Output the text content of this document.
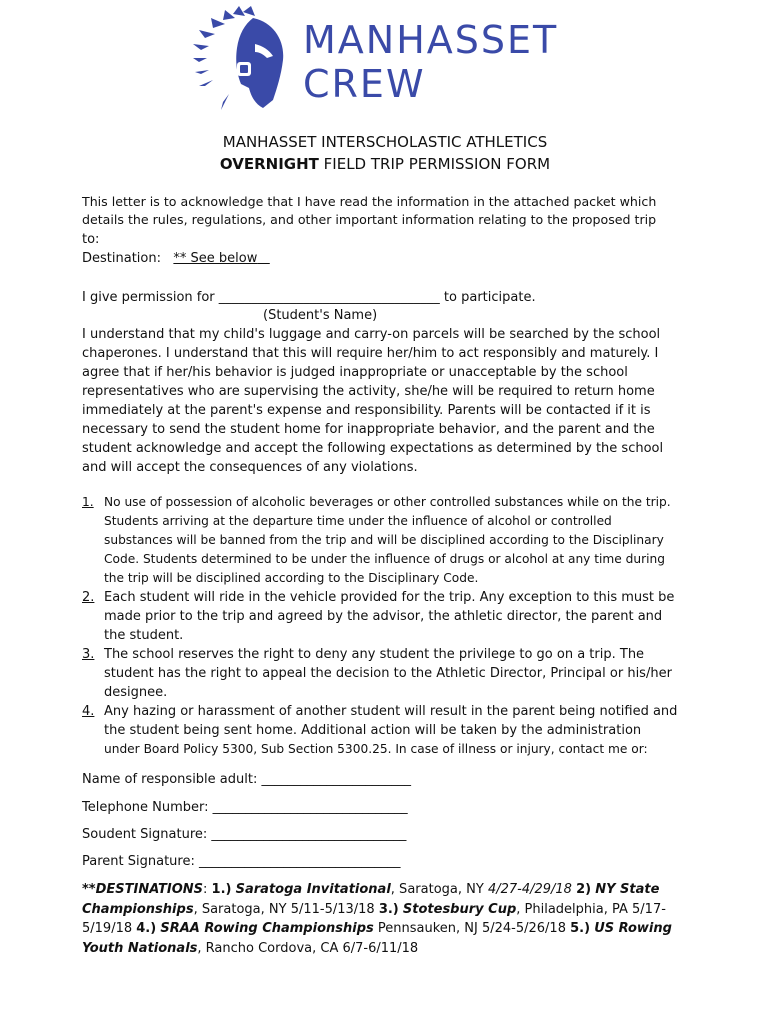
MANHASSET
CREW
MANHASSET INTERSCHOLASTIC ATHLETICS
OVERNIGHT FIELD TRIP PERMISSION FORM
This letter is to acknowledge that I have read the information in the attached packet which
details the rules, regulations, and other important information relating to the proposed trip
to:
Destination: ** See below
I give permission for __________________________________ to participate.
(Student's Name)
I understand that my child's luggage and carry-on parcels will be searched by the school chaperones. I understand that this will require her/him to act responsibly and maturely. I agree that if her/his behavior is judged inappropriate or unacceptable by the school representatives who are supervising the activity, she/he will be required to return home immediately at the parent's expense and responsibility. Parents will be contacted if it is necessary to send the student home for inappropriate behavior, and the parent and the student acknowledge and accept the following expectations as determined by the school and will accept the consequences of any violations.
1. No use of possession of alcoholic beverages or other controlled substances while on the trip. Students arriving at the departure time under the influence of alcohol or controlled substances will be banned from the trip and will be disciplined according to the Disciplinary Code. Students determined to be under the influence of drugs or alcohol at any time during the trip will be disciplined according to the Disciplinary Code.
2. Each student will ride in the vehicle provided for the trip. Any exception to this must be made prior to the trip and agreed by the advisor, the athletic director, the parent and the student.
3. The school reserves the right to deny any student the privilege to go on a trip. The student has the right to appeal the decision to the Athletic Director, Principal or his/her designee.
4. Any hazing or harassment of another student will result in the parent being notified and the student being sent home. Additional action will be taken by the administration
under Board Policy 5300, Sub Section 5300.25. In case of illness or injury, contact me or:
Name of responsible adult: _______________________
Telephone Number: ______________________________
Soudent Signature: ______________________________
Parent Signature: _______________________________
**DESTINATIONS: 1.) Saratoga Invitational, Saratoga, NY 4/27-4/29/18 2) NY State Championships, Saratoga, NY 5/11-5/13/18 3.) Stotesbury Cup, Philadelphia, PA 5/17-5/19/18 4.) SRAA Rowing Championships Pennsauken, NJ 5/24-5/26/18 5.) US Rowing Youth Nationals, Rancho Cordova, CA 6/7-6/11/18
